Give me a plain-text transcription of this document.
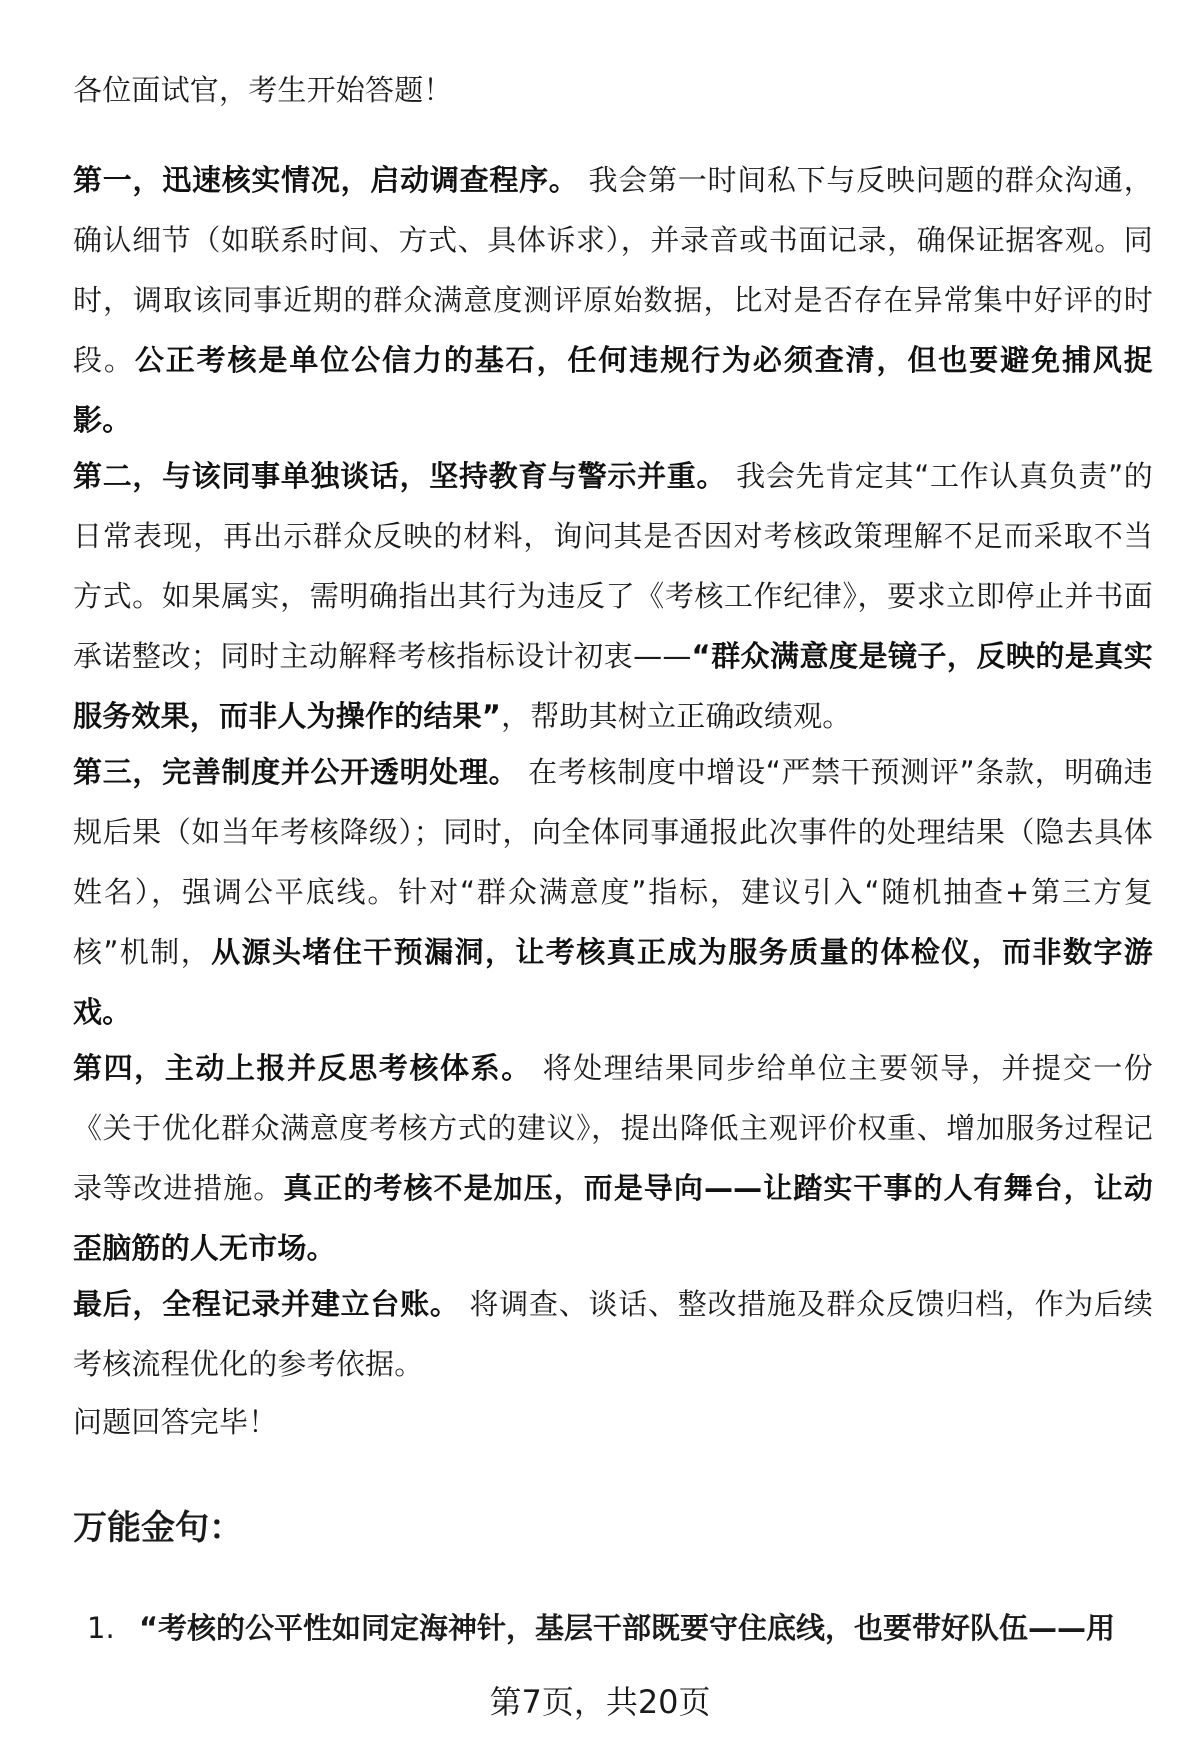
各位面试官，考生开始答题！

第一，迅速核实情况，启动调查程序。 我会第一时间私下与反映问题的群众沟通，确认细节（如联系时间、方式、具体诉求），并录音或书面记录，确保证据客观。同时，调取该同事近期的群众满意度测评原始数据，比对是否存在异常集中好评的时段。公正考核是单位公信力的基石，任何违规行为必须查清，但也要避免捕风捉影。

第二，与该同事单独谈话，坚持教育与警示并重。 我会先肯定其“工作认真负责”的日常表现，再出示群众反映的材料，询问其是否因对考核政策理解不足而采取不当方式。如果属实，需明确指出其行为违反了《考核工作纪律》，要求立即停止并书面承诺整改；同时主动解释考核指标设计初衷——“群众满意度是镜子，反映的是真实服务效果，而非人为操作的结果”，帮助其树立正确政绩观。

第三，完善制度并公开透明处理。 在考核制度中增设“严禁干预测评”条款，明确违规后果（如当年考核降级）；同时，向全体同事通报此次事件的处理结果（隐去具体姓名），强调公平底线。针对“群众满意度”指标，建议引入“随机抽查+第三方复核”机制，从源头堵住干预漏洞，让考核真正成为服务质量的体检仪，而非数字游戏。

第四，主动上报并反思考核体系。 将处理结果同步给单位主要领导，并提交一份《关于优化群众满意度考核方式的建议》，提出降低主观评价权重、增加服务过程记录等改进措施。真正的考核不是加压，而是导向——让踏实干事的人有舞台，让动歪脑筋的人无市场。

最后，全程记录并建立台账。 将调查、谈话、整改措施及群众反馈归档，作为后续考核流程优化的参考依据。

问题回答完毕！

万能金句：
1. “考核的公平性如同定海神针，基层干部既要守住底线，也要带好队伍——用
第7页，共20页
